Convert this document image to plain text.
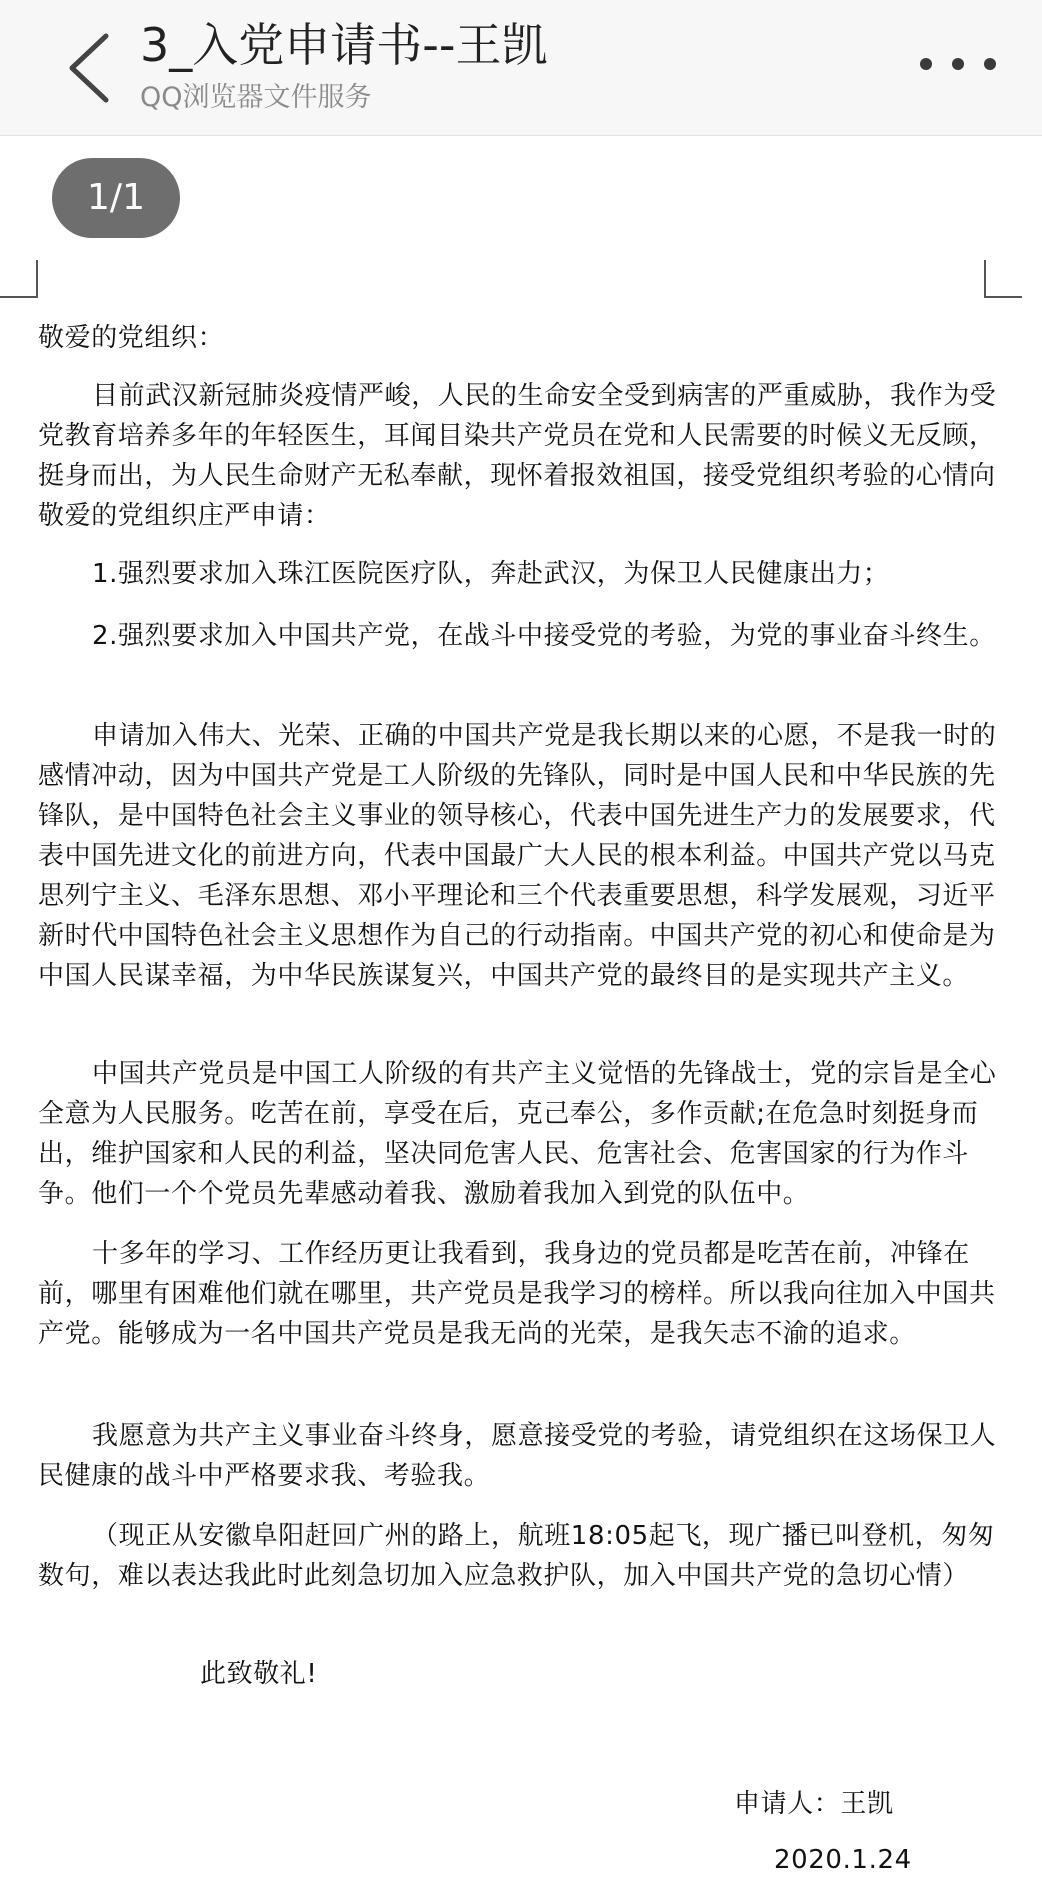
3_入党申请书--王凯
QQ浏览器文件服务
1/1

敬爱的党组织：

目前武汉新冠肺炎疫情严峻，人民的生命安全受到病害的严重威胁，我作为受党教育培养多年的年轻医生，耳闻目染共产党员在党和人民需要的时候义无反顾，挺身而出，为人民生命财产无私奉献，现怀着报效祖国，接受党组织考验的心情向敬爱的党组织庄严申请：

1.强烈要求加入珠江医院医疗队，奔赴武汉，为保卫人民健康出力；

2.强烈要求加入中国共产党，在战斗中接受党的考验，为党的事业奋斗终生。

申请加入伟大、光荣、正确的中国共产党是我长期以来的心愿，不是我一时的感情冲动，因为中国共产党是工人阶级的先锋队，同时是中国人民和中华民族的先锋队，是中国特色社会主义事业的领导核心，代表中国先进生产力的发展要求，代表中国先进文化的前进方向，代表中国最广大人民的根本利益。中国共产党以马克思列宁主义、毛泽东思想、邓小平理论和三个代表重要思想，科学发展观，习近平新时代中国特色社会主义思想作为自己的行动指南。中国共产党的初心和使命是为中国人民谋幸福，为中华民族谋复兴，中国共产党的最终目的是实现共产主义。

中国共产党员是中国工人阶级的有共产主义觉悟的先锋战士，党的宗旨是全心全意为人民服务。吃苦在前，享受在后，克己奉公，多作贡献;在危急时刻挺身而出，维护国家和人民的利益，坚决同危害人民、危害社会、危害国家的行为作斗争。他们一个个党员先辈感动着我、激励着我加入到党的队伍中。

十多年的学习、工作经历更让我看到，我身边的党员都是吃苦在前，冲锋在前，哪里有困难他们就在哪里，共产党员是我学习的榜样。所以我向往加入中国共产党。能够成为一名中国共产党员是我无尚的光荣，是我矢志不渝的追求。

我愿意为共产主义事业奋斗终身，愿意接受党的考验，请党组织在这场保卫人民健康的战斗中严格要求我、考验我。

（现正从安徽阜阳赶回广州的路上，航班18:05起飞，现广播已叫登机，匆匆数句，难以表达我此时此刻急切加入应急救护队，加入中国共产党的急切心情）

此致敬礼!

申请人：王凯

2020.1.24
